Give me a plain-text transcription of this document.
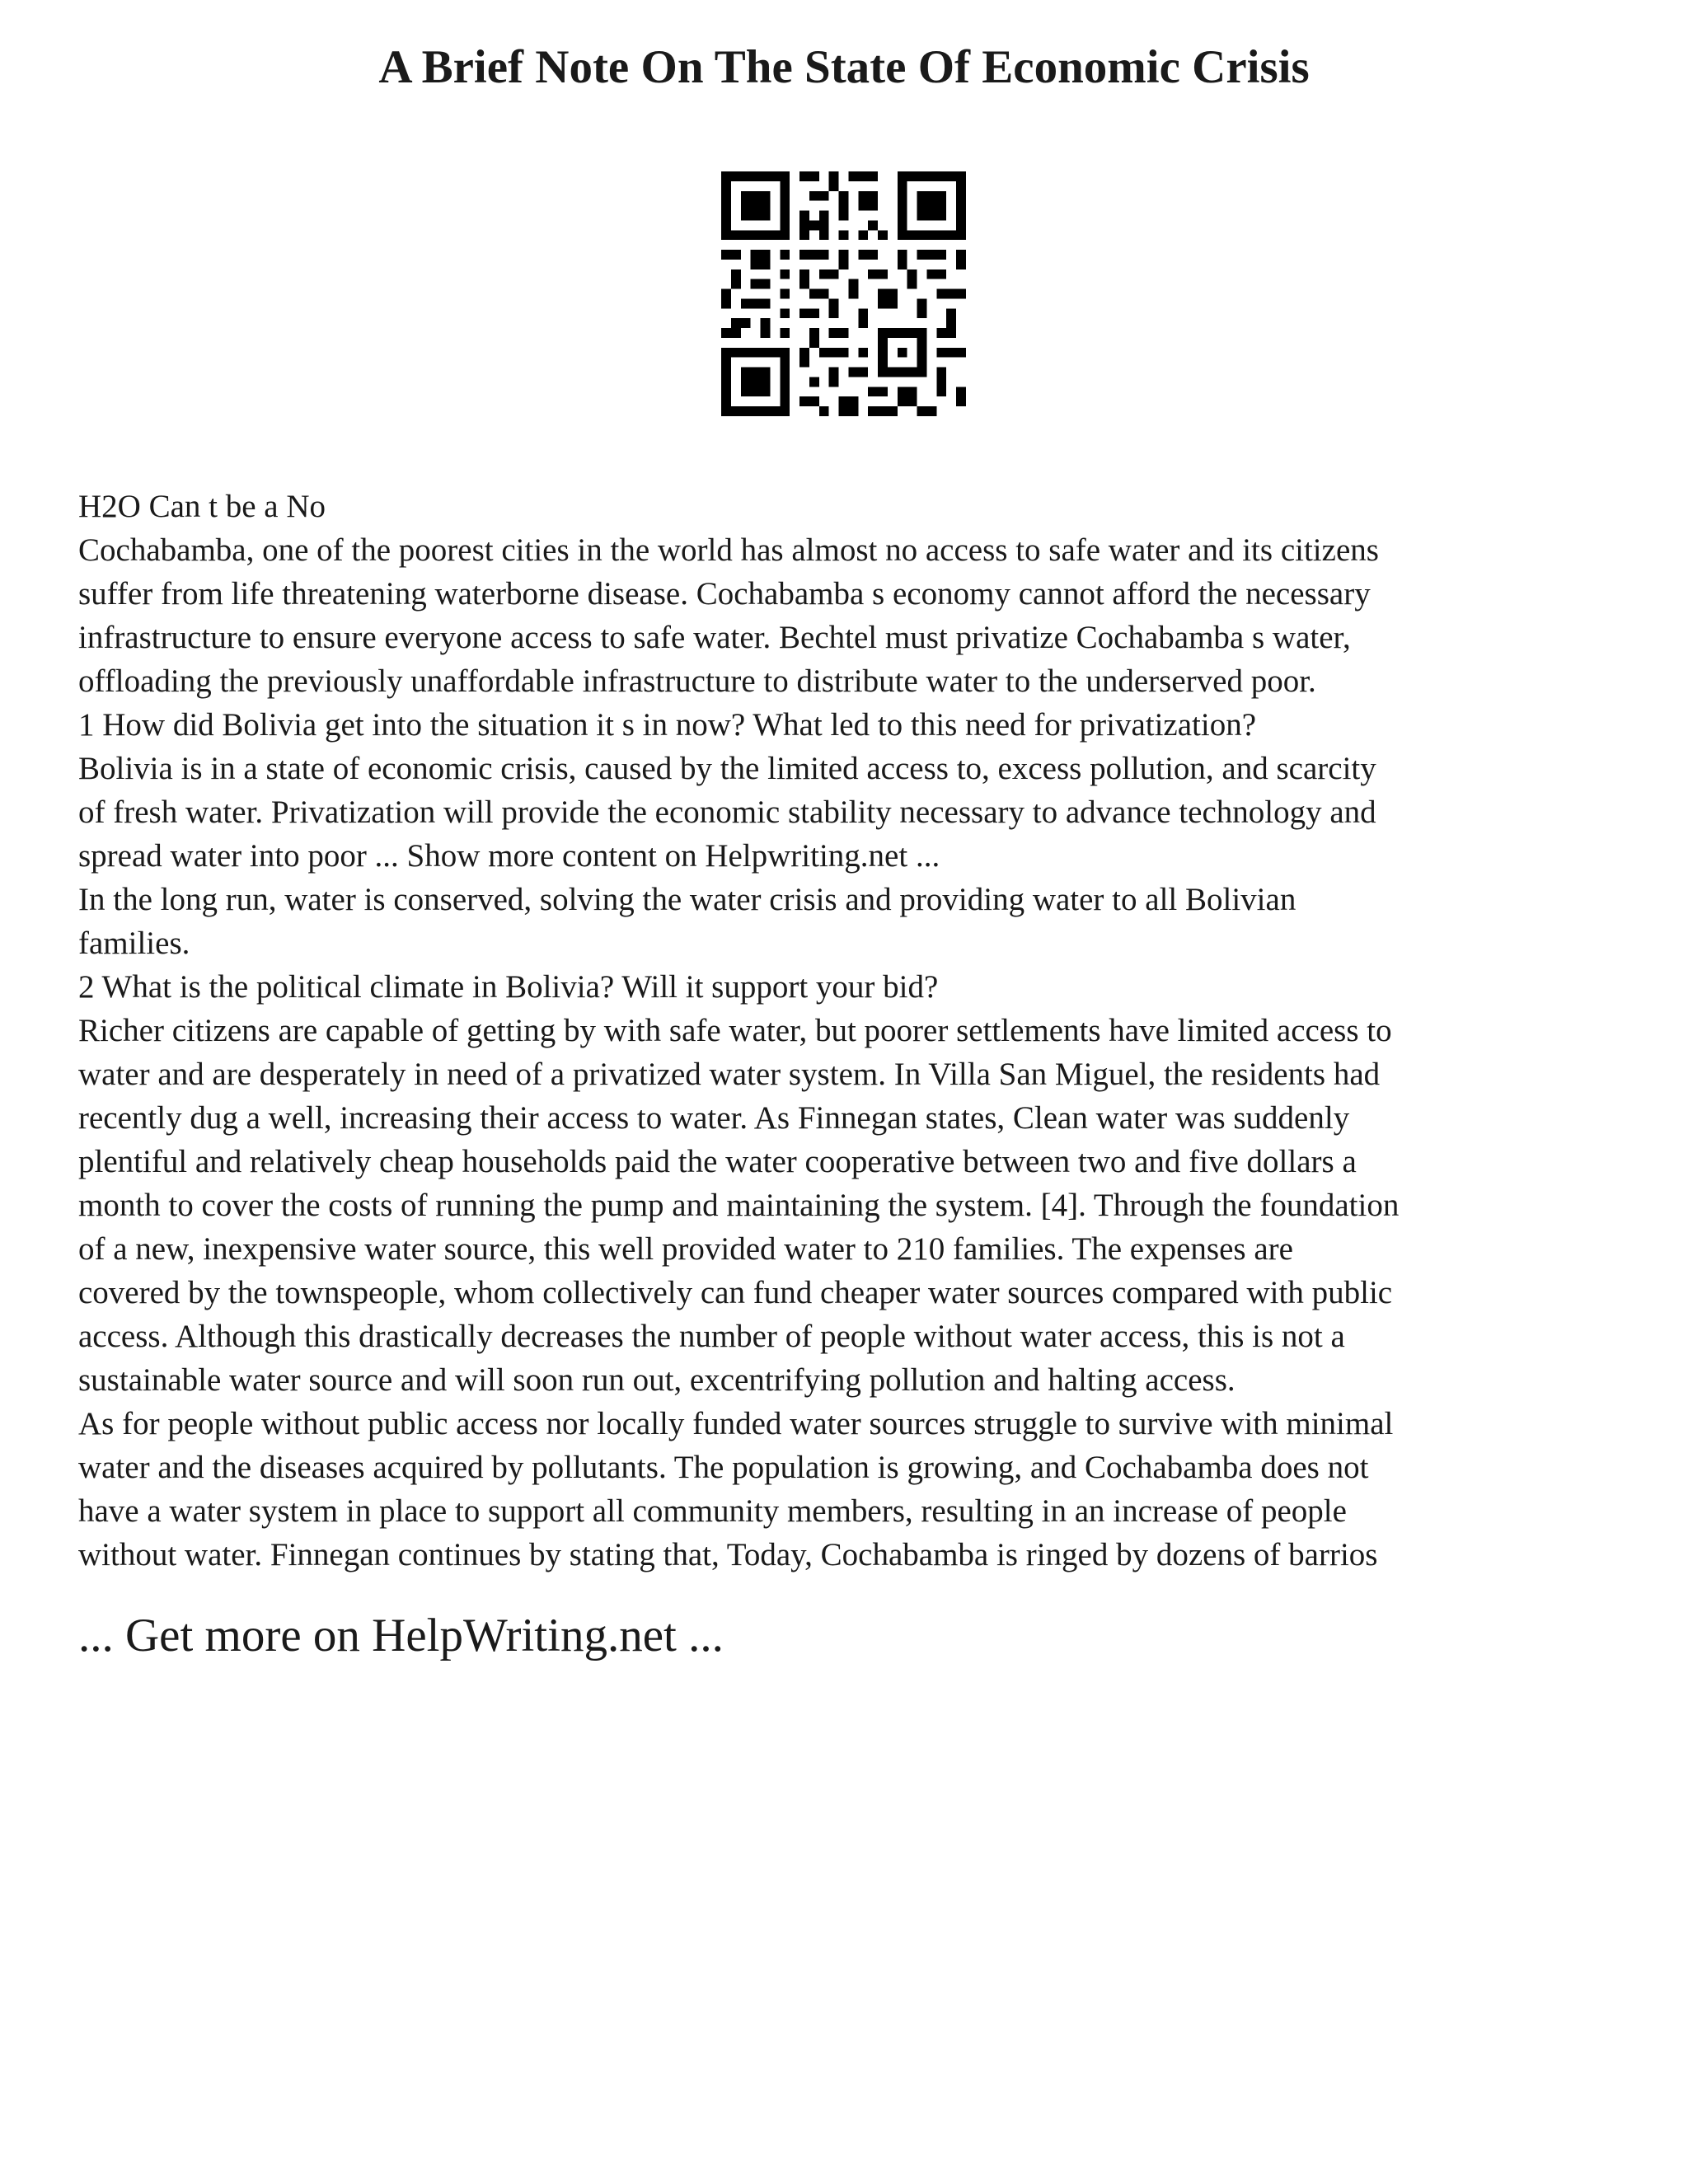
A Brief Note On The State Of Economic Crisis
H2O Can t be a No
Cochabamba, one of the poorest cities in the world has almost no access to safe water and its citizens
suffer from life threatening waterborne disease. Cochabamba s economy cannot afford the necessary
infrastructure to ensure everyone access to safe water. Bechtel must privatize Cochabamba s water,
offloading the previously unaffordable infrastructure to distribute water to the underserved poor.
1 How did Bolivia get into the situation it s in now? What led to this need for privatization?
Bolivia is in a state of economic crisis, caused by the limited access to, excess pollution, and scarcity
of fresh water. Privatization will provide the economic stability necessary to advance technology and
spread water into poor ... Show more content on Helpwriting.net ...
In the long run, water is conserved, solving the water crisis and providing water to all Bolivian
families.
2 What is the political climate in Bolivia? Will it support your bid?
Richer citizens are capable of getting by with safe water, but poorer settlements have limited access to
water and are desperately in need of a privatized water system. In Villa San Miguel, the residents had
recently dug a well, increasing their access to water. As Finnegan states, Clean water was suddenly
plentiful and relatively cheap households paid the water cooperative between two and five dollars a
month to cover the costs of running the pump and maintaining the system. [4]. Through the foundation
of a new, inexpensive water source, this well provided water to 210 families. The expenses are
covered by the townspeople, whom collectively can fund cheaper water sources compared with public
access. Although this drastically decreases the number of people without water access, this is not a
sustainable water source and will soon run out, excentrifying pollution and halting access.
As for people without public access nor locally funded water sources struggle to survive with minimal
water and the diseases acquired by pollutants. The population is growing, and Cochabamba does not
have a water system in place to support all community members, resulting in an increase of people
without water. Finnegan continues by stating that, Today, Cochabamba is ringed by dozens of barrios
... Get more on HelpWriting.net ...
